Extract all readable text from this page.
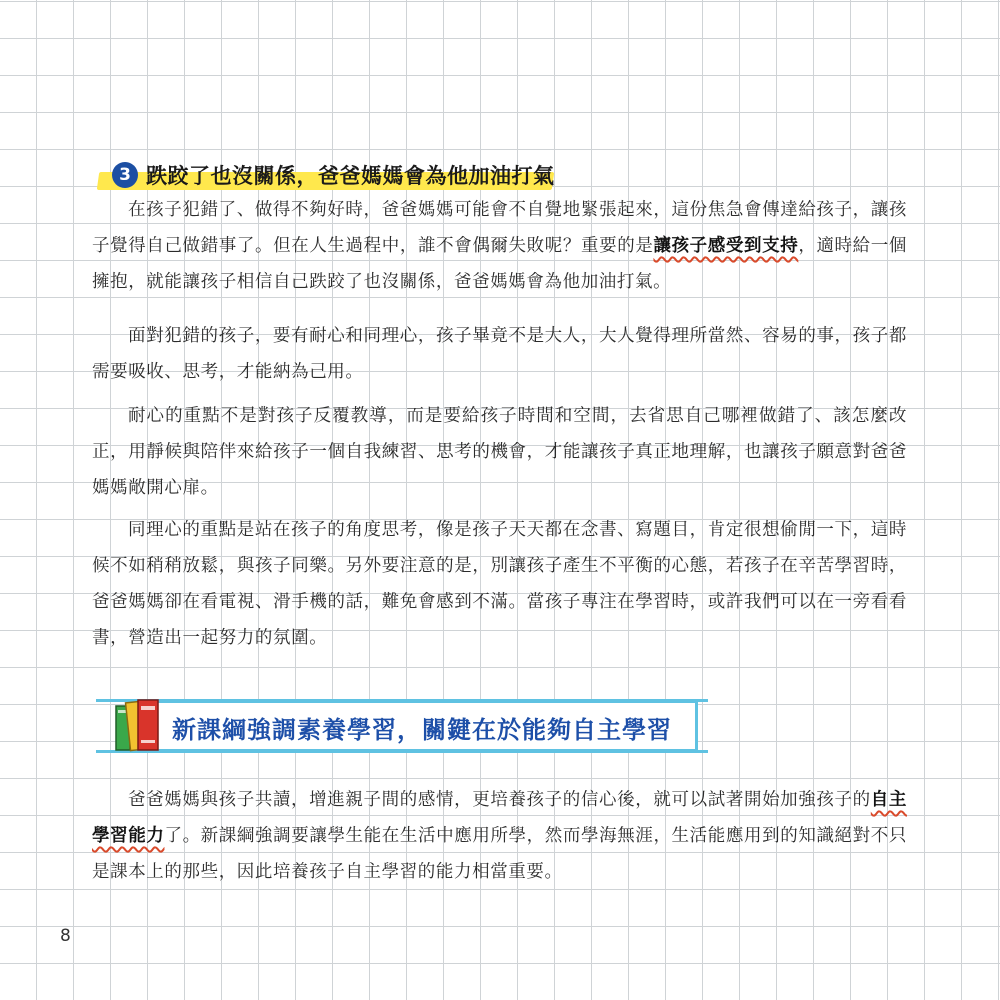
3 跌跤了也沒關係，爸爸媽媽會為他加油打氣

在孩子犯錯了、做得不夠好時，爸爸媽媽可能會不自覺地緊張起來，這份焦急會傳達給孩子，讓孩子覺得自己做錯事了。但在人生過程中，誰不會偶爾失敗呢？重要的是讓孩子感受到支持，適時給一個擁抱，就能讓孩子相信自己跌跤了也沒關係，爸爸媽媽會為他加油打氣。

面對犯錯的孩子，要有耐心和同理心，孩子畢竟不是大人，大人覺得理所當然、容易的事，孩子都需要吸收、思考，才能納為己用。

耐心的重點不是對孩子反覆教導，而是要給孩子時間和空間，去省思自己哪裡做錯了、該怎麼改正，用靜候與陪伴來給孩子一個自我練習、思考的機會，才能讓孩子真正地理解，也讓孩子願意對爸爸媽媽敞開心扉。

同理心的重點是站在孩子的角度思考，像是孩子天天都在念書、寫題目，肯定很想偷閒一下，這時候不如稍稍放鬆，與孩子同樂。另外要注意的是，別讓孩子產生不平衡的心態，若孩子在辛苦學習時，爸爸媽媽卻在看電視、滑手機的話，難免會感到不滿。當孩子專注在學習時，或許我們可以在一旁看看書，營造出一起努力的氛圍。

新課綱強調素養學習，關鍵在於能夠自主學習

爸爸媽媽與孩子共讀，增進親子間的感情，更培養孩子的信心後，就可以試著開始加強孩子的自主學習能力了。新課綱強調要讓學生能在生活中應用所學，然而學海無涯，生活能應用到的知識絕對不只是課本上的那些，因此培養孩子自主學習的能力相當重要。

8
